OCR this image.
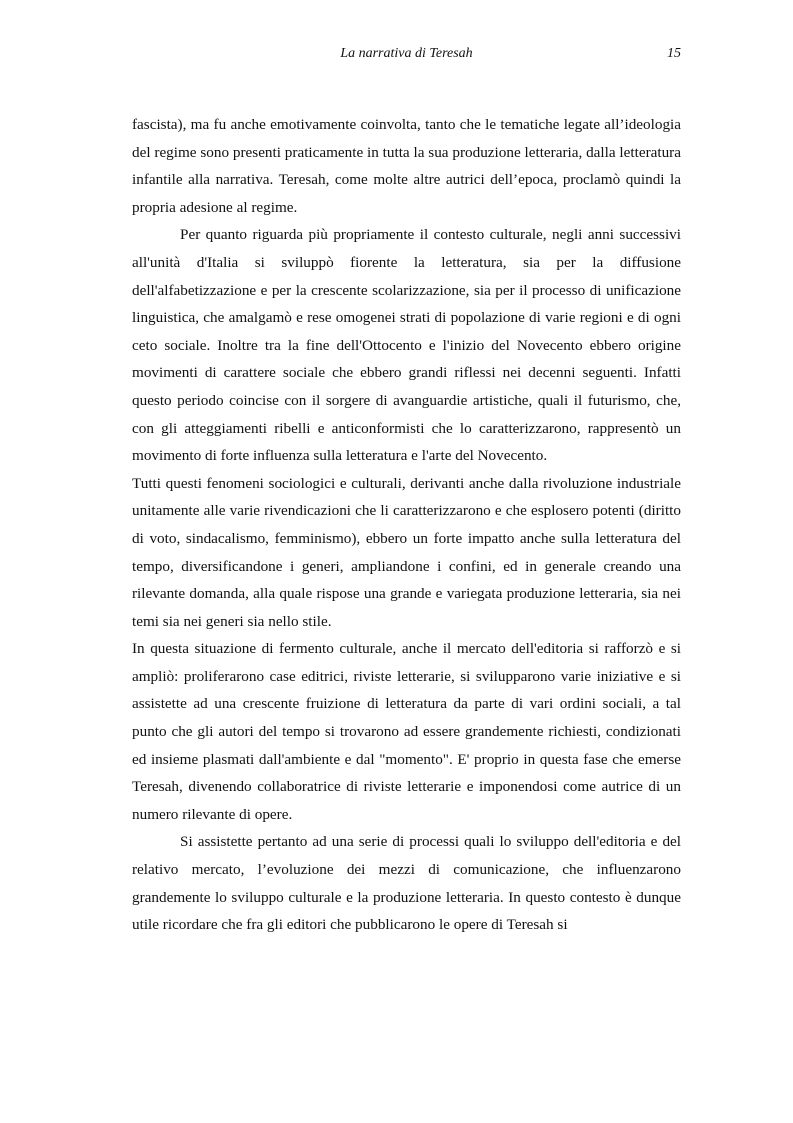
La narrativa di Teresah	15

fascista), ma fu anche emotivamente coinvolta, tanto che le tematiche legate all’ideologia del regime sono presenti praticamente in tutta la sua produzione letteraria, dalla letteratura infantile alla narrativa. Teresah, come molte altre autrici dell’epoca, proclamò quindi la propria adesione al regime.

Per quanto riguarda più propriamente il contesto culturale, negli anni successivi all'unità d'Italia si sviluppò fiorente la letteratura, sia per la diffusione dell'alfabetizzazione e per la crescente scolarizzazione, sia per il processo di unificazione linguistica, che amalgamò e rese omogenei strati di popolazione di varie regioni e di ogni ceto sociale. Inoltre tra la fine dell'Ottocento e l'inizio del Novecento ebbero origine movimenti di carattere sociale che ebbero grandi riflessi nei decenni seguenti. Infatti questo periodo coincise con il sorgere di avanguardie artistiche, quali il futurismo, che, con gli atteggiamenti ribelli e anticonformisti che lo caratterizzarono, rappresentò un movimento di forte influenza sulla letteratura e l'arte del Novecento.

Tutti questi fenomeni sociologici e culturali, derivanti anche dalla rivoluzione industriale unitamente alle varie rivendicazioni che li caratterizzarono e che esplosero potenti (diritto di voto, sindacalismo, femminismo), ebbero un forte impatto anche sulla letteratura del tempo, diversificandone i generi, ampliandone i confini, ed in generale creando una rilevante domanda, alla quale rispose una grande e variegata produzione letteraria, sia nei temi sia nei generi sia nello stile.

In questa situazione di fermento culturale, anche il mercato dell'editoria si rafforzò e si ampliò: proliferarono case editrici, riviste letterarie, si svilupparono varie iniziative e si assistette ad una crescente fruizione di letteratura da parte di vari ordini sociali, a tal punto che gli autori del tempo si trovarono ad essere grandemente richiesti, condizionati ed insieme plasmati dall'ambiente e dal "momento". E' proprio in questa fase che emerse Teresah, divenendo collaboratrice di riviste letterarie e imponendosi come autrice di un numero rilevante di opere.

Si assistette pertanto ad una serie di processi quali lo sviluppo dell'editoria e del relativo mercato, l’evoluzione dei mezzi di comunicazione, che influenzarono grandemente lo sviluppo culturale e la produzione letteraria. In questo contesto è dunque utile ricordare che fra gli editori che pubblicarono le opere di Teresah si
